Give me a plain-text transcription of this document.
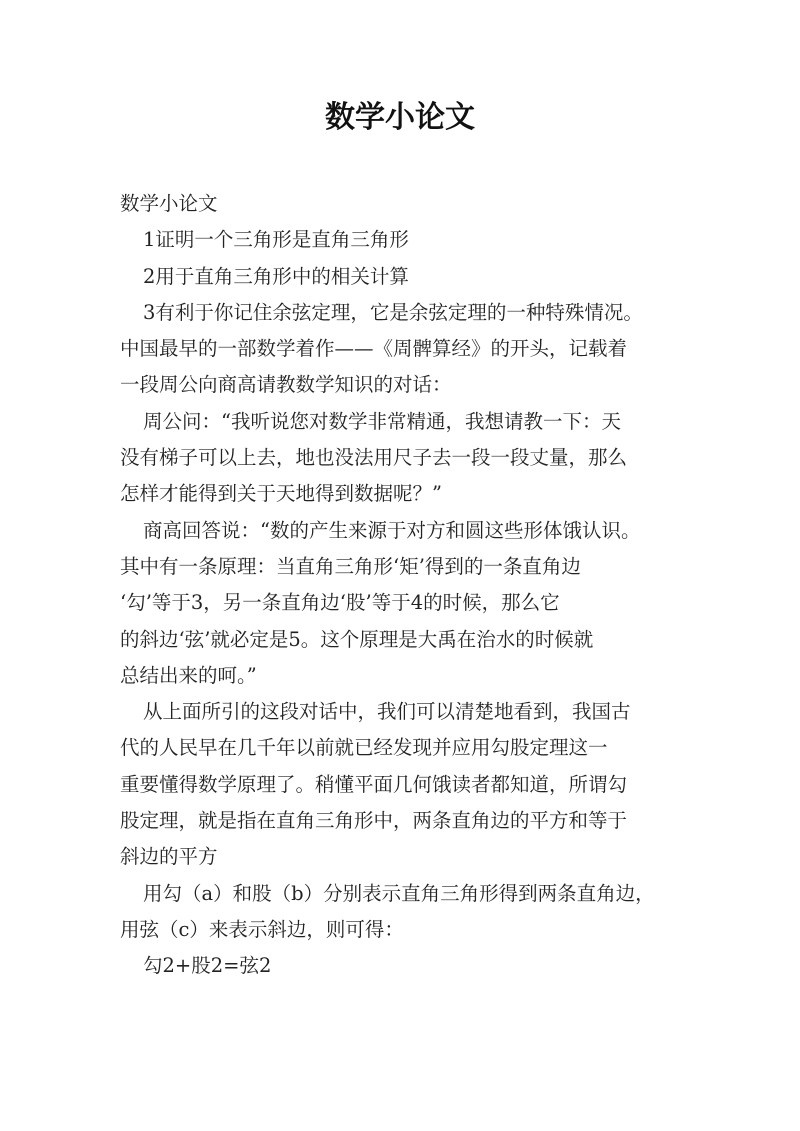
数学小论文

数学小论文

1证明一个三角形是直角三角形

2用于直角三角形中的相关计算

3有利于你记住余弦定理，它是余弦定理的一种特殊情况。
中国最早的一部数学着作——《周髀算经》的开头，记载着
一段周公向商高请教数学知识的对话：

周公问：“我听说您对数学非常精通，我想请教一下：天
没有梯子可以上去，地也没法用尺子去一段一段丈量，那么
怎样才能得到关于天地得到数据呢？”

商高回答说：“数的产生来源于对方和圆这些形体饿认识。
其中有一条原理：当直角三角形‘矩’得到的一条直角边
‘勾’等于3，另一条直角边‘股’等于4的时候，那么它
的斜边‘弦’就必定是5。这个原理是大禹在治水的时候就
总结出来的呵。”

从上面所引的这段对话中，我们可以清楚地看到，我国古
代的人民早在几千年以前就已经发现并应用勾股定理这一
重要懂得数学原理了。稍懂平面几何饿读者都知道，所谓勾
股定理，就是指在直角三角形中，两条直角边的平方和等于
斜边的平方

用勾（a）和股（b）分别表示直角三角形得到两条直角边，
用弦（c）来表示斜边，则可得：

勾2+股2=弦2
